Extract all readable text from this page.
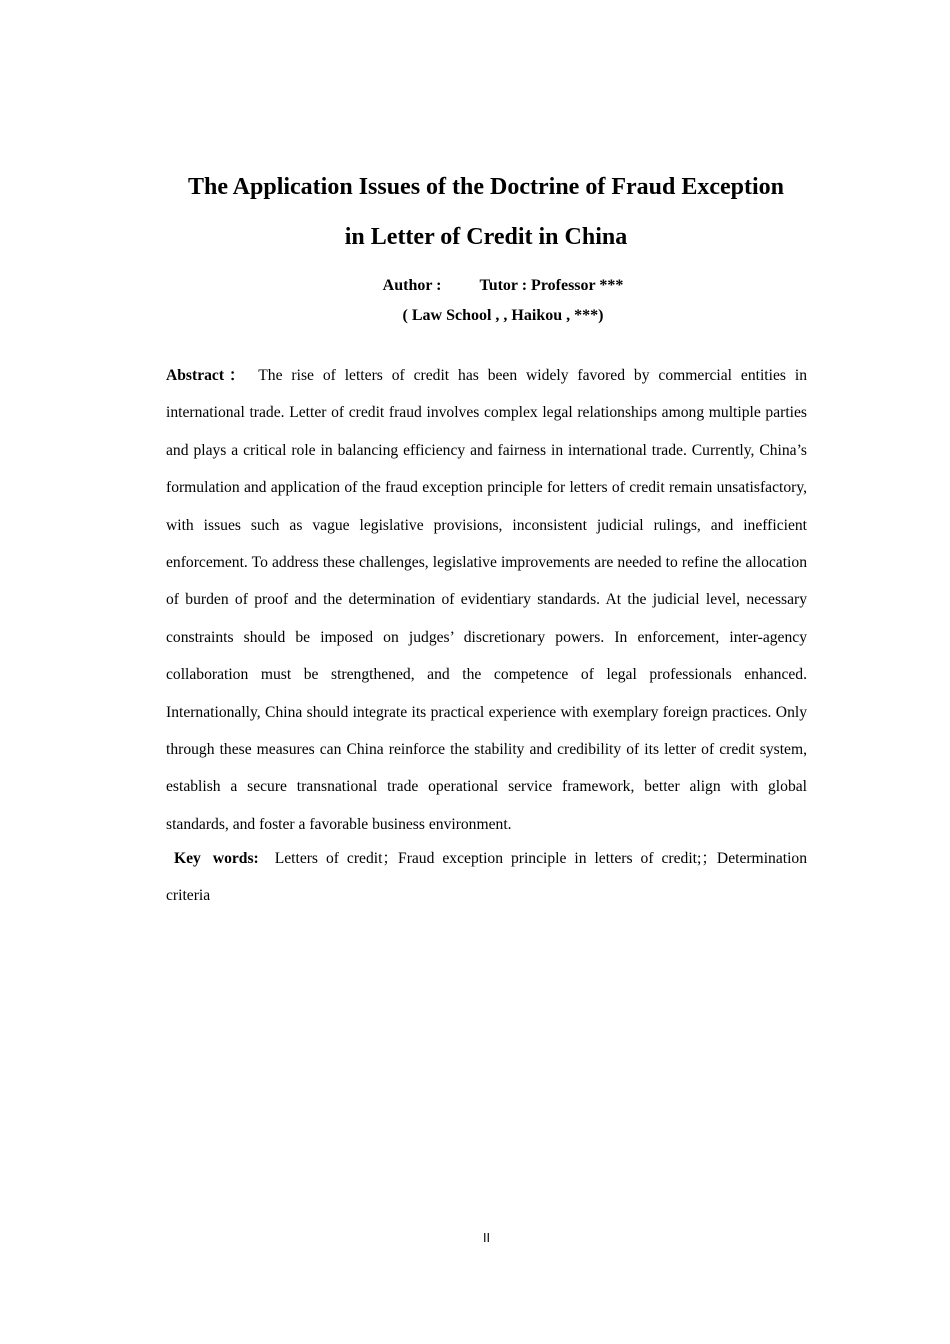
The Application Issues of the Doctrine of Fraud Exception
in Letter of Credit in China
Author : Tutor : Professor ***
( Law School , , Haikou , ***)
Abstract： The rise of letters of credit has been widely favored by commercial entities in international trade. Letter of credit fraud involves complex legal relationships among multiple parties and plays a critical role in balancing efficiency and fairness in international trade. Currently, China’s formulation and application of the fraud exception principle for letters of credit remain unsatisfactory, with issues such as vague legislative provisions, inconsistent judicial rulings, and inefficient enforcement. To address these challenges, legislative improvements are needed to refine the allocation of burden of proof and the determination of evidentiary standards. At the judicial level, necessary constraints should be imposed on judges’ discretionary powers. In enforcement, inter-agency collaboration must be strengthened, and the competence of legal professionals enhanced. Internationally, China should integrate its practical experience with exemplary foreign practices. Only through these measures can China reinforce the stability and credibility of its letter of credit system, establish a secure transnational trade operational service framework, better align with global standards, and foster a favorable business environment.
Key words: Letters of credit；Fraud exception principle in letters of credit;；Determination criteria
II
